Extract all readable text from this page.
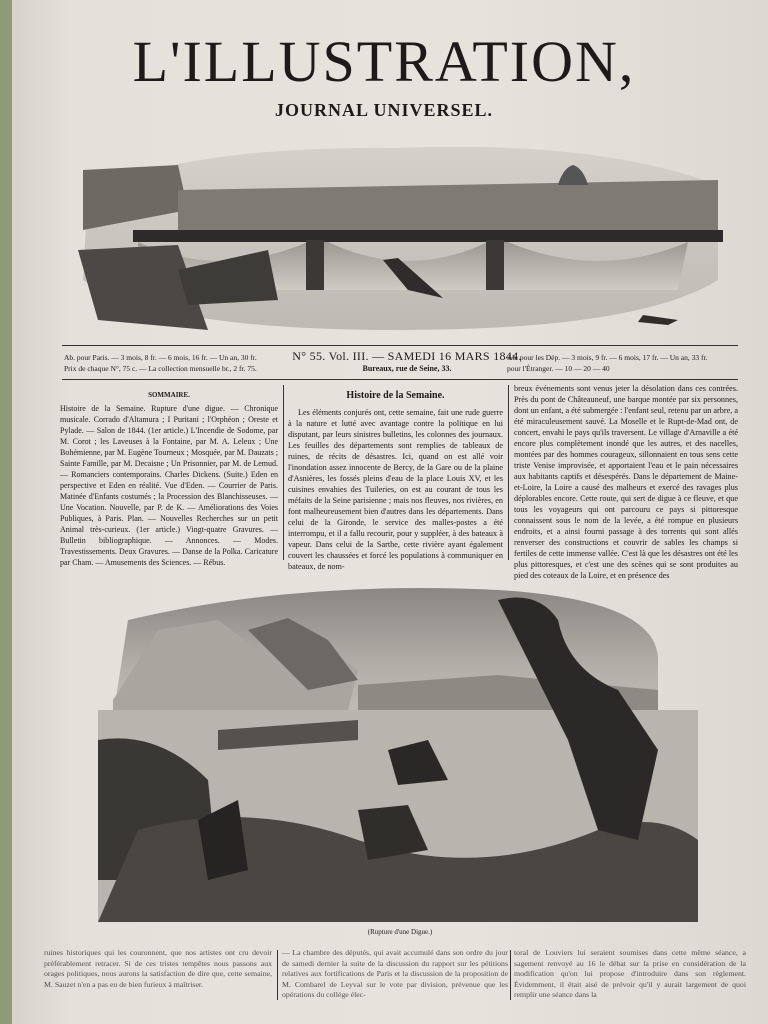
L'ILLUSTRATION,
JOURNAL UNIVERSEL.
Ab. pour Paris. — 3 mois, 8 fr. — 6 mois, 16 fr. — Un an, 30 fr.
Prix de chaque N°, 75 c. — La collection mensuelle br., 2 fr. 75.
N° 55. Vol. III. — SAMEDI 16 MARS 1844.
Bureaux, rue de Seine, 33.
Ab. pour les Dép. — 3 mois, 9 fr. — 6 mois, 17 fr. — Un an, 33 fr.
pour l'Étranger. — 10 — 20 — 40
SOMMAIRE.
Histoire de la Semaine. Rupture d'une digue. — Chronique musicale. Corrado d'Altamura ; I Puritani ; l'Orphéon ; Oreste et Pylade. — Salon de 1844. (1er article.) L'Incendie de Sodome, par M. Corot ; les Laveuses à la Fontaine, par M. A. Leleux ; Une Bohémienne, par M. Eugène Tourneux ; Mosquée, par M. Dauzats ; Sainte Famille, par M. Decaisne ; Un Prisonnier, par M. de Lemud. — Romanciers contemporains. Charles Dickens. (Suite.) Eden en perspective et Eden en réalité. Vue d'Eden. — Courrier de Paris. Matinée d'Enfants costumés ; la Procession des Blanchisseuses. — Une Vocation. Nouvelle, par P. de K. — Améliorations des Voies Publiques, à Paris. Plan. — Nouvelles Recherches sur un petit Animal très-curieux. (1er article.) Vingt-quatre Gravures. — Bulletin bibliographique. — Annonces. — Modes. Travestissements. Deux Gravures. — Danse de la Polka. Caricature par Cham. — Amusements des Sciences. — Rébus.
Histoire de la Semaine.
Les éléments conjurés ont, cette semaine, fait une rude guerre à la nature et lutté avec avantage contre la politique en lui disputant, par leurs sinistres bulletins, les colonnes des journaux. Les feuilles des départements sont remplies de tableaux de ruines, de récits de désastres. Ici, quand on est allé voir l'inondation assez innocente de Bercy, de la Gare ou de la plaine d'Asnières, les fossés pleins d'eau de la place Louis XV, et les cuisines envahies des Tuileries, on est au courant de tous les méfaits de la Seine parisienne ; mais nos fleuves, nos rivières, en font malheureusement bien d'autres dans les départements. Dans celui de la Gironde, le service des malles-postes a été interrompu, et il a fallu recourir, pour y suppléer, à des bateaux à vapeur. Dans celui de la Sarthe, cette rivière ayant également couvert les chaussées et forcé les populations à communiquer en bateaux, de nom-
breux événements sont venus jeter la désolation dans ces contrées. Près du pont de Châteauneuf, une barque montée par six personnes, dont un enfant, a été submergée : l'enfant seul, retenu par un arbre, a été miraculeusement sauvé. La Moselle et le Rupt-de-Mad ont, de concert, envahi le pays qu'ils traversent. Le village d'Arnaville a été encore plus complètement inondé que les autres, et des nacelles, montées par des hommes courageux, sillonnaient en tous sens cette triste Venise improvisée, et apportaient l'eau et le pain nécessaires aux habitants captifs et désespérés. Dans le département de Maine-et-Loire, la Loire a causé des malheurs et exercé des ravages plus déplorables encore. Cette route, qui sert de digue à ce fleuve, et que tous les voyageurs qui ont parcouru ce pays si pittoresque connaissent sous le nom de la levée, a été rompue en plusieurs endroits, et a ainsi fourni passage à des torrents qui sont allés renverser des constructions et couvrir de sables les champs si fertiles de cette immense vallée. C'est là que les désastres ont été les plus pittoresques, et c'est une des scènes qui se sont produites au pied des coteaux de la Loire, et en présence des
(Rupture d'une Digue.)
ruines historiques qui les couronnent, que nos artistes ont cru devoir préférablement retracer. Si de ces tristes tempêtes nous passons aux orages politiques, nous aurons la satisfaction de dire que, cette semaine, M. Sauzet n'en a pas eu de bien furieux à maîtriser.
— La chambre des députés, qui avait accumulé dans son ordre du jour de samedi dernier la suite de la discussion du rapport sur les pétitions relatives aux fortifications de Paris et la discussion de la proposition de M. Combarel de Leyval sur le vote par division, prévenue que les opérations du collége élec-
toral de Louviers lui seraient soumises dans cette même séance, a sagement renvoyé au 16 le débat sur la prise en considération de la modification qu'on lui propose d'introduire dans son règlement. Évidemment, il était aisé de prévoir qu'il y aurait largement de quoi remplir une séance dans la
